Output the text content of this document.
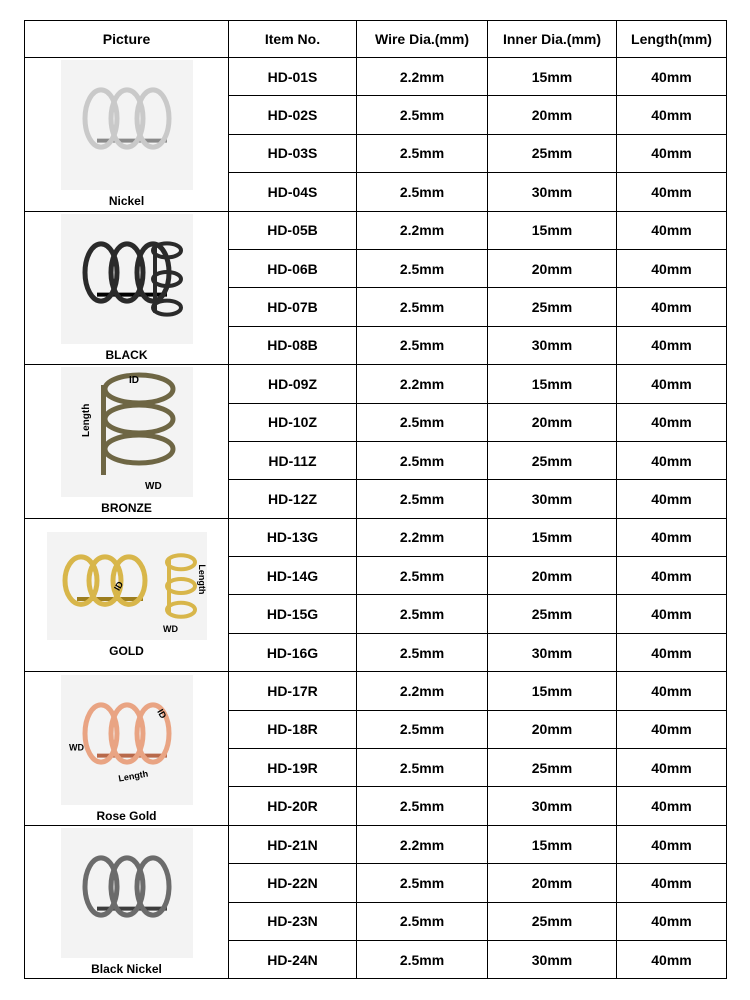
Picture	Item No.	Wire Dia.(mm)	Inner Dia.(mm)	Length(mm)

Nickel	HD-01S	2.2mm	15mm	40mm
	HD-02S	2.5mm	20mm	40mm
	HD-03S	2.5mm	25mm	40mm
	HD-04S	2.5mm	30mm	40mm

BLACK	HD-05B	2.2mm	15mm	40mm
	HD-06B	2.5mm	20mm	40mm
	HD-07B	2.5mm	25mm	40mm
	HD-08B	2.5mm	30mm	40mm

ID
Length
WD
BRONZE	HD-09Z	2.2mm	15mm	40mm
	HD-10Z	2.5mm	20mm	40mm
	HD-11Z	2.5mm	25mm	40mm
	HD-12Z	2.5mm	30mm	40mm

Length
ID
WD
GOLD	HD-13G	2.2mm	15mm	40mm
	HD-14G	2.5mm	20mm	40mm
	HD-15G	2.5mm	25mm	40mm
	HD-16G	2.5mm	30mm	40mm

ID
WD
Length
Rose Gold	HD-17R	2.2mm	15mm	40mm
	HD-18R	2.5mm	20mm	40mm
	HD-19R	2.5mm	25mm	40mm
	HD-20R	2.5mm	30mm	40mm

Black Nickel	HD-21N	2.2mm	15mm	40mm
	HD-22N	2.5mm	20mm	40mm
	HD-23N	2.5mm	25mm	40mm
	HD-24N	2.5mm	30mm	40mm
